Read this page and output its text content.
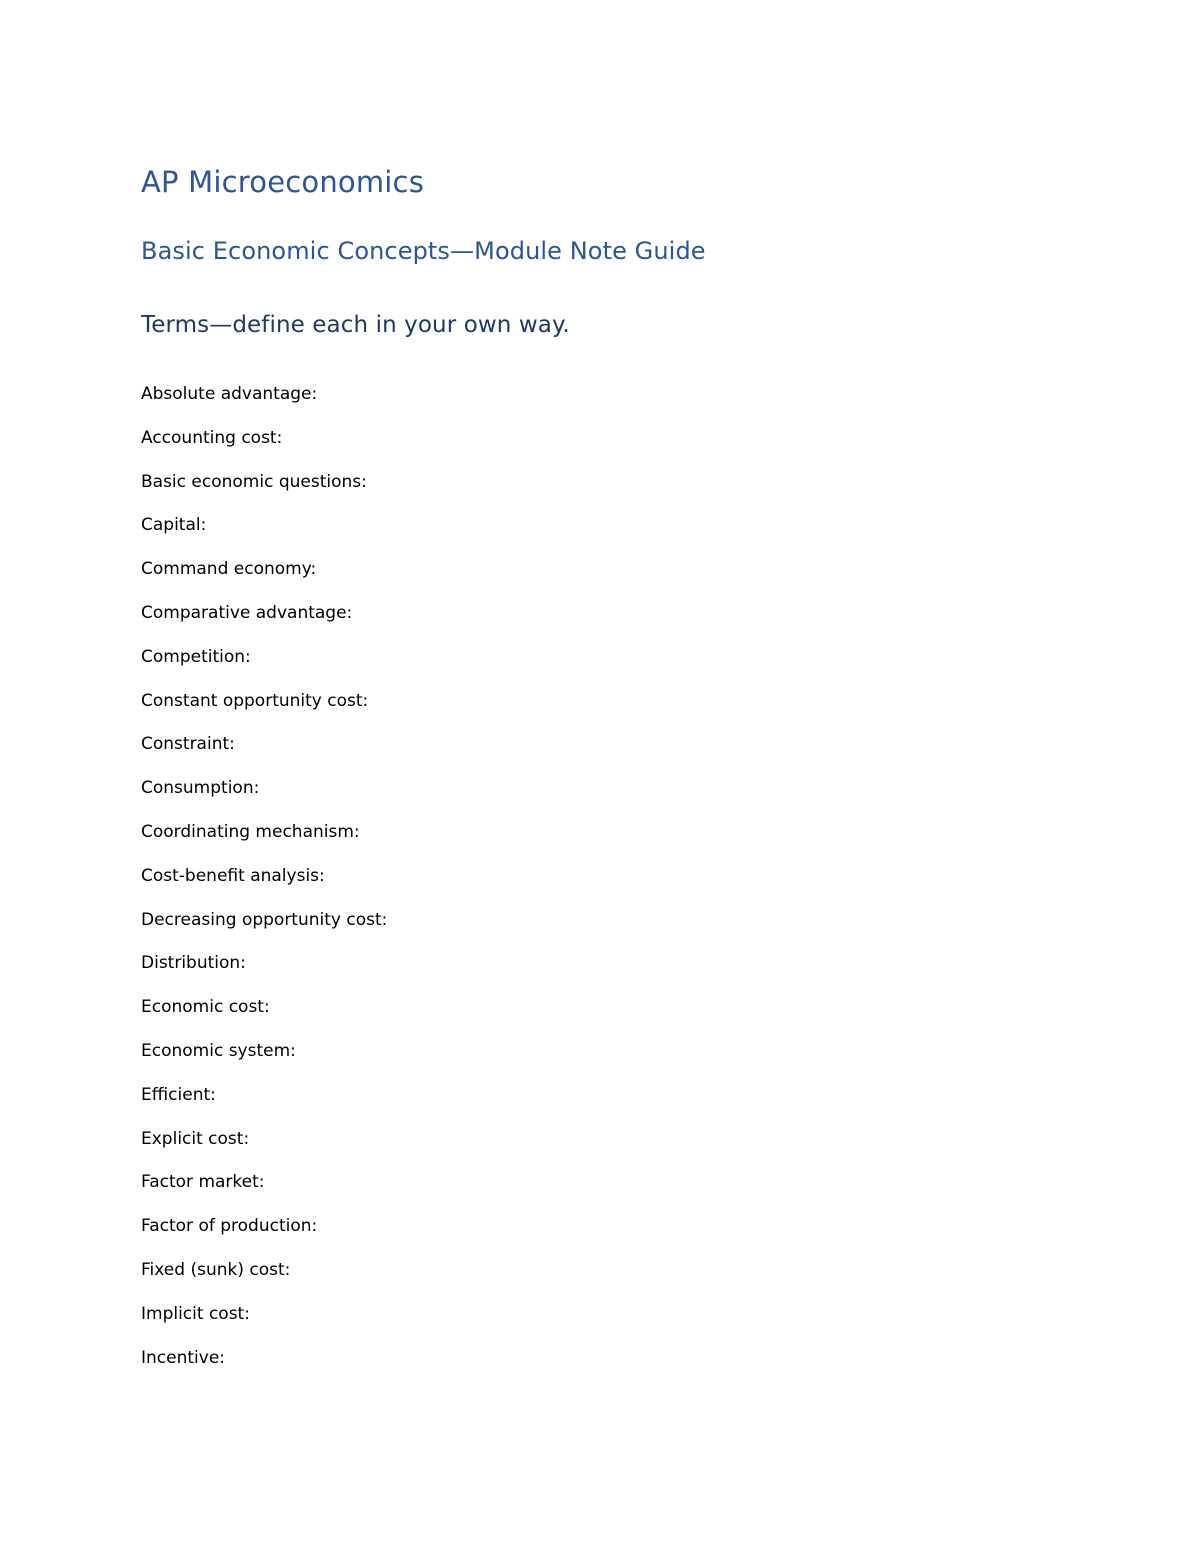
AP Microeconomics
Basic Economic Concepts—Module Note Guide
Terms—define each in your own way.
Absolute advantage:
Accounting cost:
Basic economic questions:
Capital:
Command economy:
Comparative advantage:
Competition:
Constant opportunity cost:
Constraint:
Consumption:
Coordinating mechanism:
Cost-benefit analysis:
Decreasing opportunity cost:
Distribution:
Economic cost:
Economic system:
Efficient:
Explicit cost:
Factor market:
Factor of production:
Fixed (sunk) cost:
Implicit cost:
Incentive:
